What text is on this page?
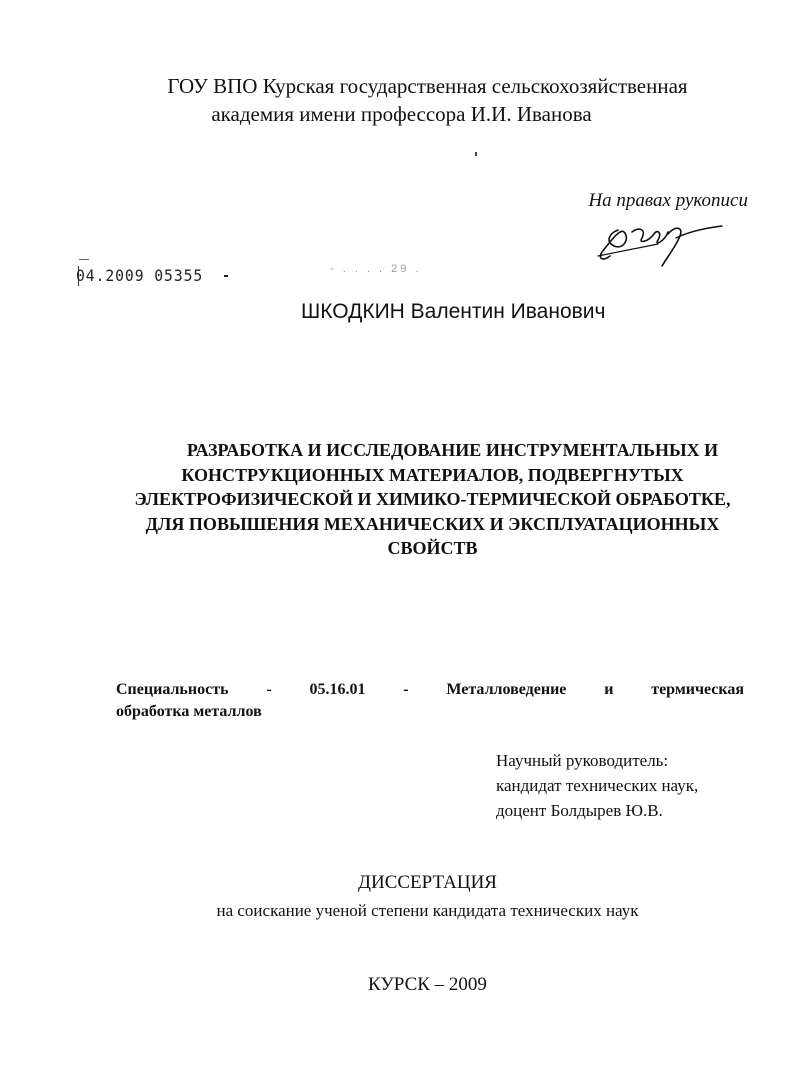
ГОУ ВПО Курская государственная сельскохозяйственная
академия имени профессора И.И. Иванова
На правах рукописи
04.2009 05355	- . . . . 29 .
ШКОДКИН Валентин Иванович
РАЗРАБОТКА И ИССЛЕДОВАНИЕ ИНСТРУМЕНТАЛЬНЫХ И
КОНСТРУКЦИОННЫХ МАТЕРИАЛОВ, ПОДВЕРГНУТЫХ
ЭЛЕКТРОФИЗИЧЕСКОЙ И ХИМИКО-ТЕРМИЧЕСКОЙ ОБРАБОТКЕ,
ДЛЯ ПОВЫШЕНИЯ МЕХАНИЧЕСКИХ И ЭКСПЛУАТАЦИОННЫХ
СВОЙСТВ
Специальность - 05.16.01 - Металловедение и термическая
обработка металлов
Научный руководитель:
кандидат технических наук,
доцент Болдырев Ю.В.
ДИССЕРТАЦИЯ
на соискание ученой степени кандидата технических наук
КУРСК – 2009
